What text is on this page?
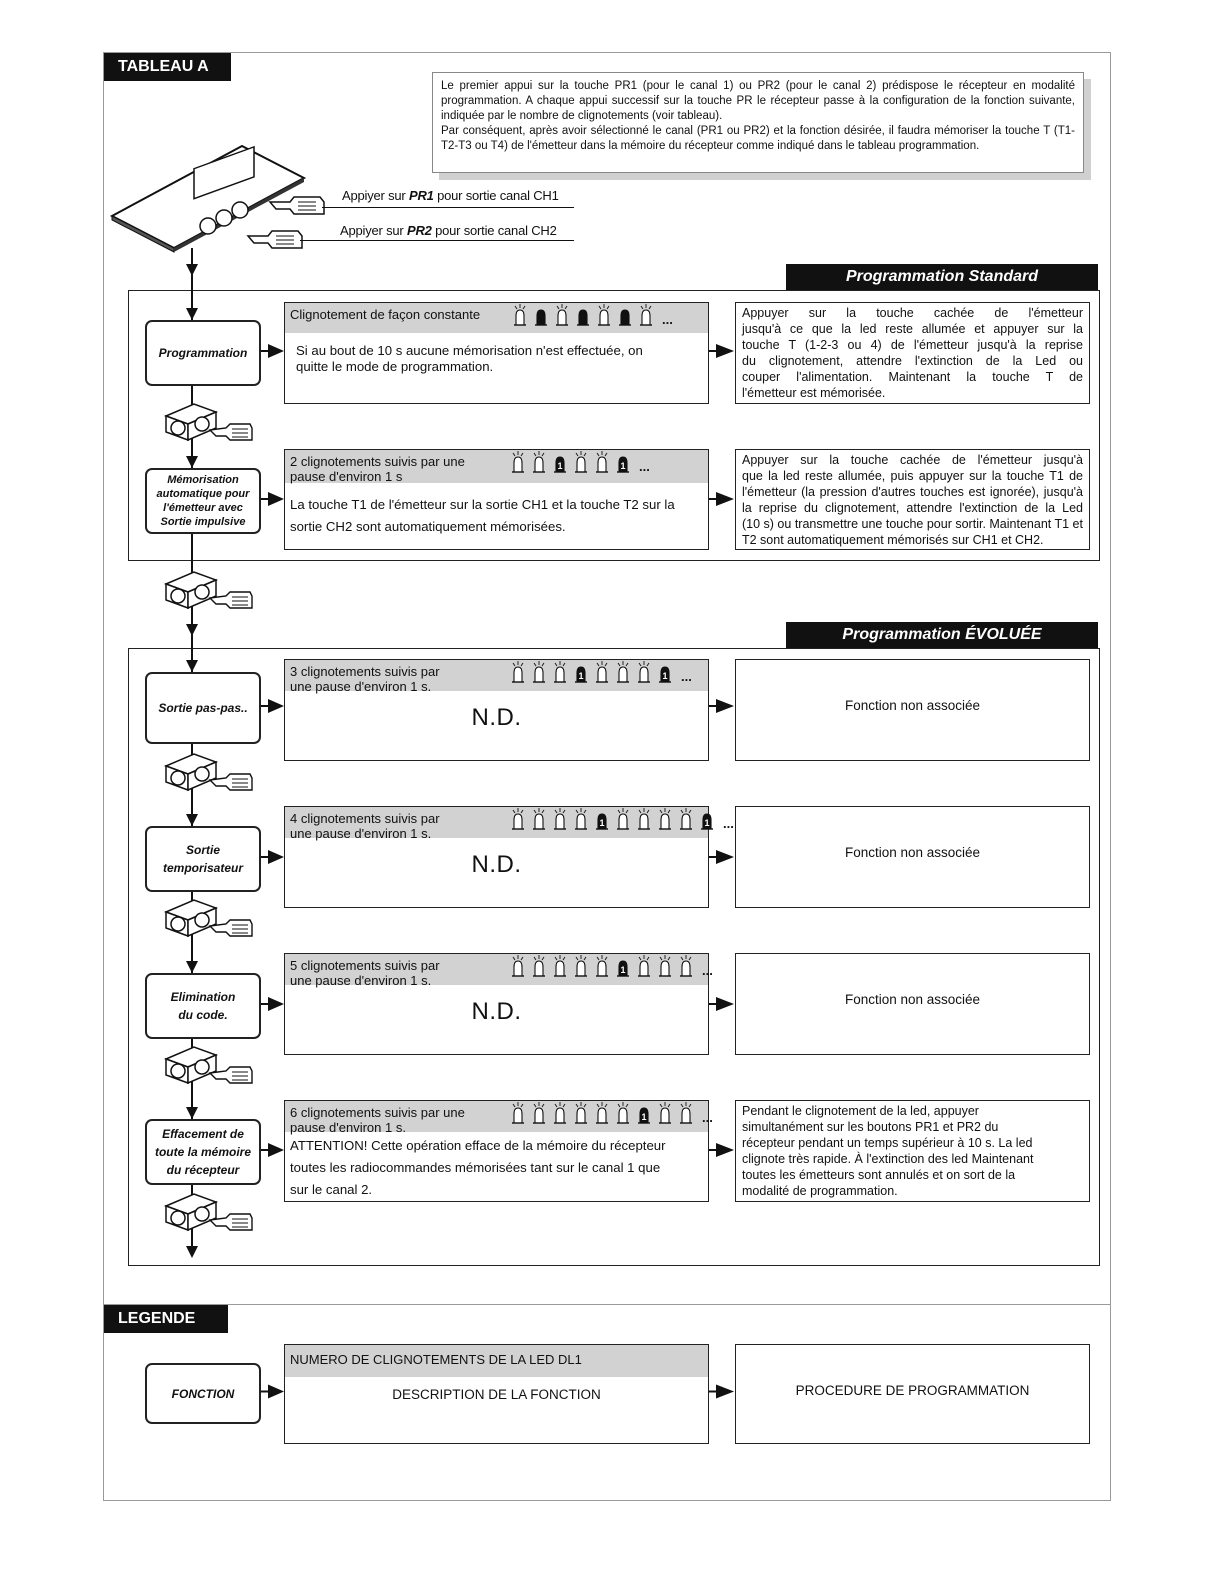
TABLEAU A
Le premier appui sur la touche PR1 (pour le canal 1) ou PR2 (pour le canal 2) prédispose le récepteur en modalité programmation. A chaque appui successif sur la touche PR le récepteur passe à la configuration de la fonction suivante, indiquée par le nombre de clignotements (voir tableau).
Par conséquent, après avoir sélectionné le canal (PR1 ou PR2) et la fonction désirée, il faudra mémoriser la touche T (T1-T2-T3 ou T4) de l'émetteur dans la mémoire du récepteur comme indiqué dans le tableau programmation.
Appiyer sur PR1 pour sortie canal CH1
Appiyer sur PR2 pour sortie canal CH2
Programmation Standard
Programmation ÉVOLUÉE
Programmation
Clignotement de façon constante	...
Si au bout de 10 s aucune mémorisation n'est effectuée, on
quitte le mode de programmation.
Appuyer sur la touche cachée de l'émetteur
jusqu'à ce que la led reste allumée et appuyer sur la
touche T (1-2-3 ou 4) de l'émetteur jusqu'à la reprise
du clignotement, attendre l'extinction de la Led ou
couper l'alimentation. Maintenant la touche T de
l'émetteur est mémorisée.
Mémorisation
automatique pour
l'émetteur avec
Sortie impulsive
2 clignotements suivis par une
pause d'environ 1 s
1	1 ...
La touche T1 de l'émetteur sur la sortie CH1 et la touche T2 sur la
sortie CH2 sont automatiquement mémorisées.
Appuyer sur la touche cachée de l'émetteur jusqu'à
que la led reste allumée, puis appuyer sur la touche T1 de
l'émetteur (la pression d'autres touches est ignorée), jusqu'à
la reprise du clignotement, attendre l'extinction de la Led
(10 s) ou transmettre une touche pour sortir. Maintenant T1 et
T2 sont automatiquement mémorisés sur CH1 et CH2.
Sortie pas-pas..
3 clignotements suivis par
une pause d'environ 1 s.
1	1 ...
N.D.	Fonction non associée
Sortie
temporisateur
4 clignotements suivis par
une pause d'environ 1 s.
1	1 ...
N.D.	Fonction non associée
Elimination
du code.
5 clignotements suivis par
une pause d'environ 1 s.
1	...
N.D.	Fonction non associée
Effacement de
toute la mémoire
du récepteur
6 clignotements suivis par une
pause d'environ 1 s.
1	...
ATTENTION! Cette opération efface de la mémoire du récepteur
toutes les radiocommandes mémorisées tant sur le canal 1 que
sur le canal 2.
Pendant le clignotement de la led, appuyer
simultanément sur les boutons PR1 et PR2 du
récepteur pendant un temps supérieur à 10 s. La led
clignote très rapide. À l'extinction des led Maintenant
toutes les émetteurs sont annulés et on sort de la
modalité de programmation.
LEGENDE
FONCTION
NUMERO DE CLIGNOTEMENTS DE LA LED DL1
DESCRIPTION DE LA FONCTION	PROCEDURE DE PROGRAMMATION
